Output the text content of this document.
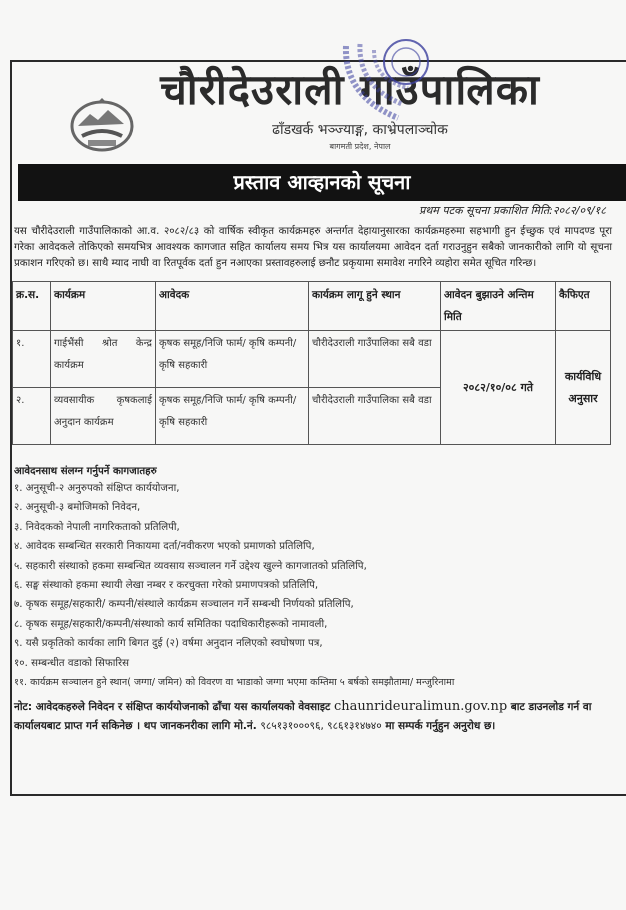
चौरीदेउराली गाउँपालिका
ढाँडखर्क भञ्ज्याङ्ग, काभ्रेपलाञ्चोक
बागमती प्रदेश, नेपाल
प्रस्ताव आव्हानको सूचना
प्रथम पटक सूचना प्रकाशित मिति:२०८२/०९/१८
यस चौरीदेउराली गाउँपालिकाको आ.व. २०८२/८३ को वार्षिक स्वीकृत कार्यक्रमहरु अन्तर्गत देहायानुसारका कार्यक्रमहरुमा सहभागी हुन ईच्छुक एवं मापदण्ड पूरा गरेका आवेदकले तोकिएको समयभित्र आवश्यक कागजात सहित कार्यालय समय भित्र यस कार्यालयमा आवेदन दर्ता गराउनुहुन सबैको जानकारीको लागि यो सूचना प्रकाशन गरिएको छ। साथै म्याद नाघी वा रितपूर्वक दर्ता हुन नआएका प्रस्तावहरुलाई छनौट प्रकृयामा समावेश नगरिने व्यहोरा समेत सूचित गरिन्छ।
क्र.स.	कार्यक्रम	आवेदक	कार्यक्रम लागू हुने स्थान	आवेदन बुझाउने अन्तिम मिति	कैफिएत
१.	गाईभैंसी श्रोत केन्द्र कार्यक्रम	कृषक समूह/निजि फार्म/ कृषि कम्पनी/ कृषि सहकारी	चौरीदेउराली गाउँपालिका सबै वडा	२०८२/१०/०८ गते	कार्यविधि अनुसार
२.	व्यवसायीक कृषकलाई अनुदान कार्यक्रम	कृषक समूह/निजि फार्म/ कृषि कम्पनी/ कृषि सहकारी	चौरीदेउराली गाउँपालिका सबै वडा		
आवेदनसाथ संलग्न गर्नुपर्ने कागजातहरु
१. अनुसूची-२ अनुरुपको संक्षिप्त कार्ययोजना,
२. अनुसूची-३ बमोजिमको निवेदन,
३. निवेदकको नेपाली नागरिकताको प्रतिलिपी,
४. आवेदक सम्बन्धित सरकारी निकायमा दर्ता/नवीकरण भएको प्रमाणको प्रतिलिपि,
५. सहकारी संस्थाको हकमा सम्बन्धित व्यवसाय सञ्चालन गर्ने उद्देश्य खुल्ने कागजातको प्रतिलिपि,
६. सङ्घ संस्थाको हकमा स्थायी लेखा नम्बर र करचुक्ता गरेको प्रमाणपत्रको प्रतिलिपि,
७. कृषक समूह/सहकारी/ कम्पनी/संस्थाले कार्यक्रम सञ्चालन गर्ने सम्बन्धी निर्णयको प्रतिलिपि,
८. कृषक समूह/सहकारी/कम्पनी/संस्थाको कार्य समितिका पदाधिकारीहरूको नामावली,
९. यसै प्रकृतिको कार्यका लागि बिगत दुई (२) वर्षमा अनुदान नलिएको स्वघोषणा पत्र,
१०. सम्बन्धीत वडाको सिफारिस
११. कार्यक्रम सञ्चालन हुने स्थान( जग्गा/ जमिन) को विवरण वा भाडाको जग्गा भएमा कम्तिमा ५ बर्षको समझौतामा/ मन्जुरिनामा
नोट: आवेदकहरुले निवेदन र संक्षिप्त कार्ययोजनाको ढाँचा यस कार्यालयको वेवसाइट chaunrideuralimun.gov.np बाट डाउनलोड गर्न वा कार्यालयबाट प्राप्त गर्न सकिनेछ । थप जानकनरीका लागि मो.नं. ९८५१३१०००९६, ९८६१३१४७४० मा सम्पर्क गर्नुहुन अनुरोध छ।
